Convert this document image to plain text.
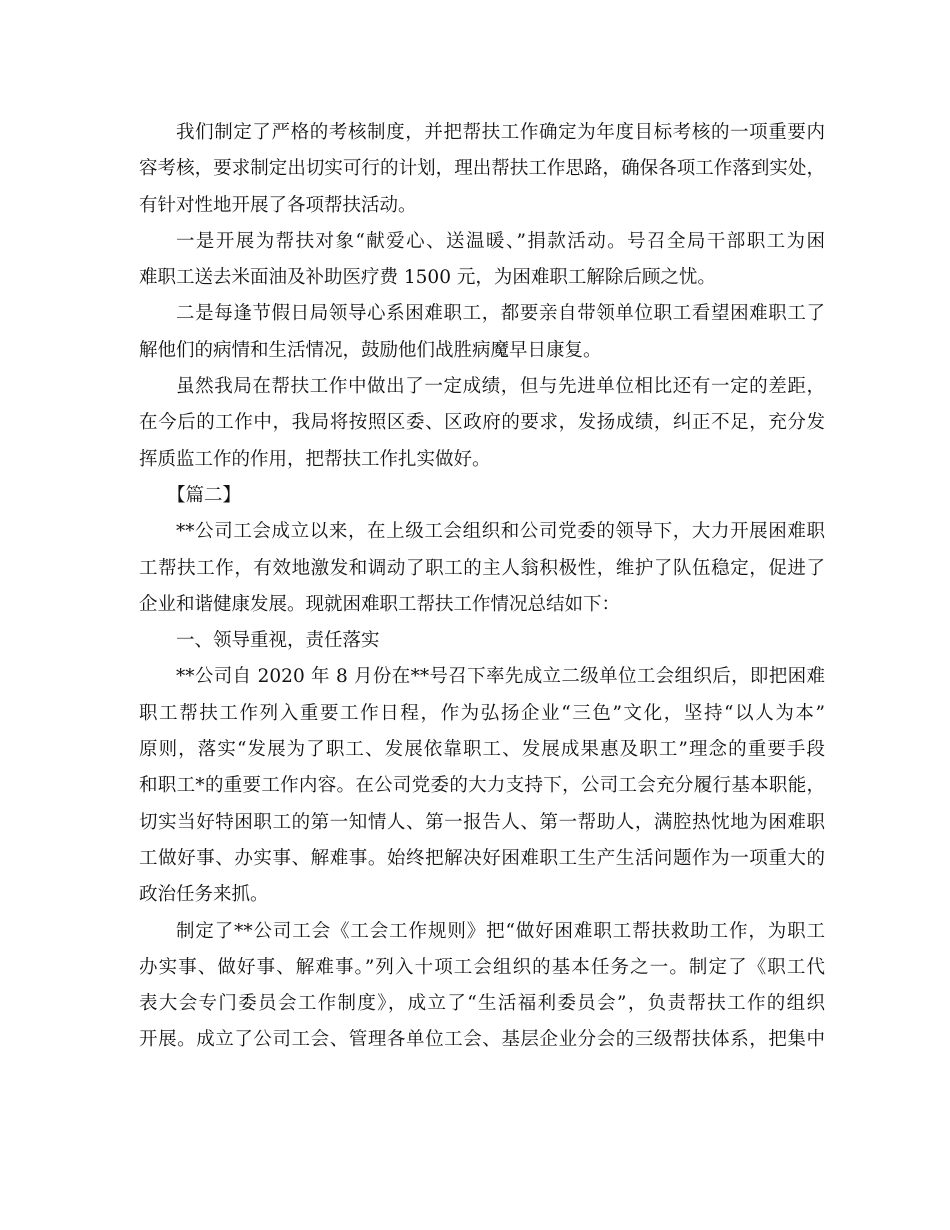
我们制定了严格的考核制度，并把帮扶工作确定为年度目标考核的一项重要内
容考核，要求制定出切实可行的计划，理出帮扶工作思路，确保各项工作落到实处，
有针对性地开展了各项帮扶活动。
一是开展为帮扶对象“献爱心、送温暖、”捐款活动。号召全局干部职工为困
难职工送去米面油及补助医疗费 1500 元，为困难职工解除后顾之忧。
二是每逢节假日局领导心系困难职工，都要亲自带领单位职工看望困难职工了
解他们的病情和生活情况，鼓励他们战胜病魔早日康复。
虽然我局在帮扶工作中做出了一定成绩，但与先进单位相比还有一定的差距，
在今后的工作中，我局将按照区委、区政府的要求，发扬成绩，纠正不足，充分发
挥质监工作的作用，把帮扶工作扎实做好。
【篇二】
**公司工会成立以来，在上级工会组织和公司党委的领导下，大力开展困难职
工帮扶工作，有效地激发和调动了职工的主人翁积极性，维护了队伍稳定，促进了
企业和谐健康发展。现就困难职工帮扶工作情况总结如下：
一、领导重视，责任落实
**公司自 2020 年 8 月份在**号召下率先成立二级单位工会组织后，即把困难
职工帮扶工作列入重要工作日程，作为弘扬企业“三色”文化，坚持“以人为本”
原则，落实“发展为了职工、发展依靠职工、发展成果惠及职工”理念的重要手段
和职工*的重要工作内容。在公司党委的大力支持下，公司工会充分履行基本职能，
切实当好特困职工的第一知情人、第一报告人、第一帮助人，满腔热忱地为困难职
工做好事、办实事、解难事。始终把解决好困难职工生产生活问题作为一项重大的
政治任务来抓。
制定了**公司工会《工会工作规则》把“做好困难职工帮扶救助工作，为职工
办实事、做好事、解难事。”列入十项工会组织的基本任务之一。制定了《职工代
表大会专门委员会工作制度》，成立了“生活福利委员会”，负责帮扶工作的组织
开展。成立了公司工会、管理各单位工会、基层企业分会的三级帮扶体系，把集中
